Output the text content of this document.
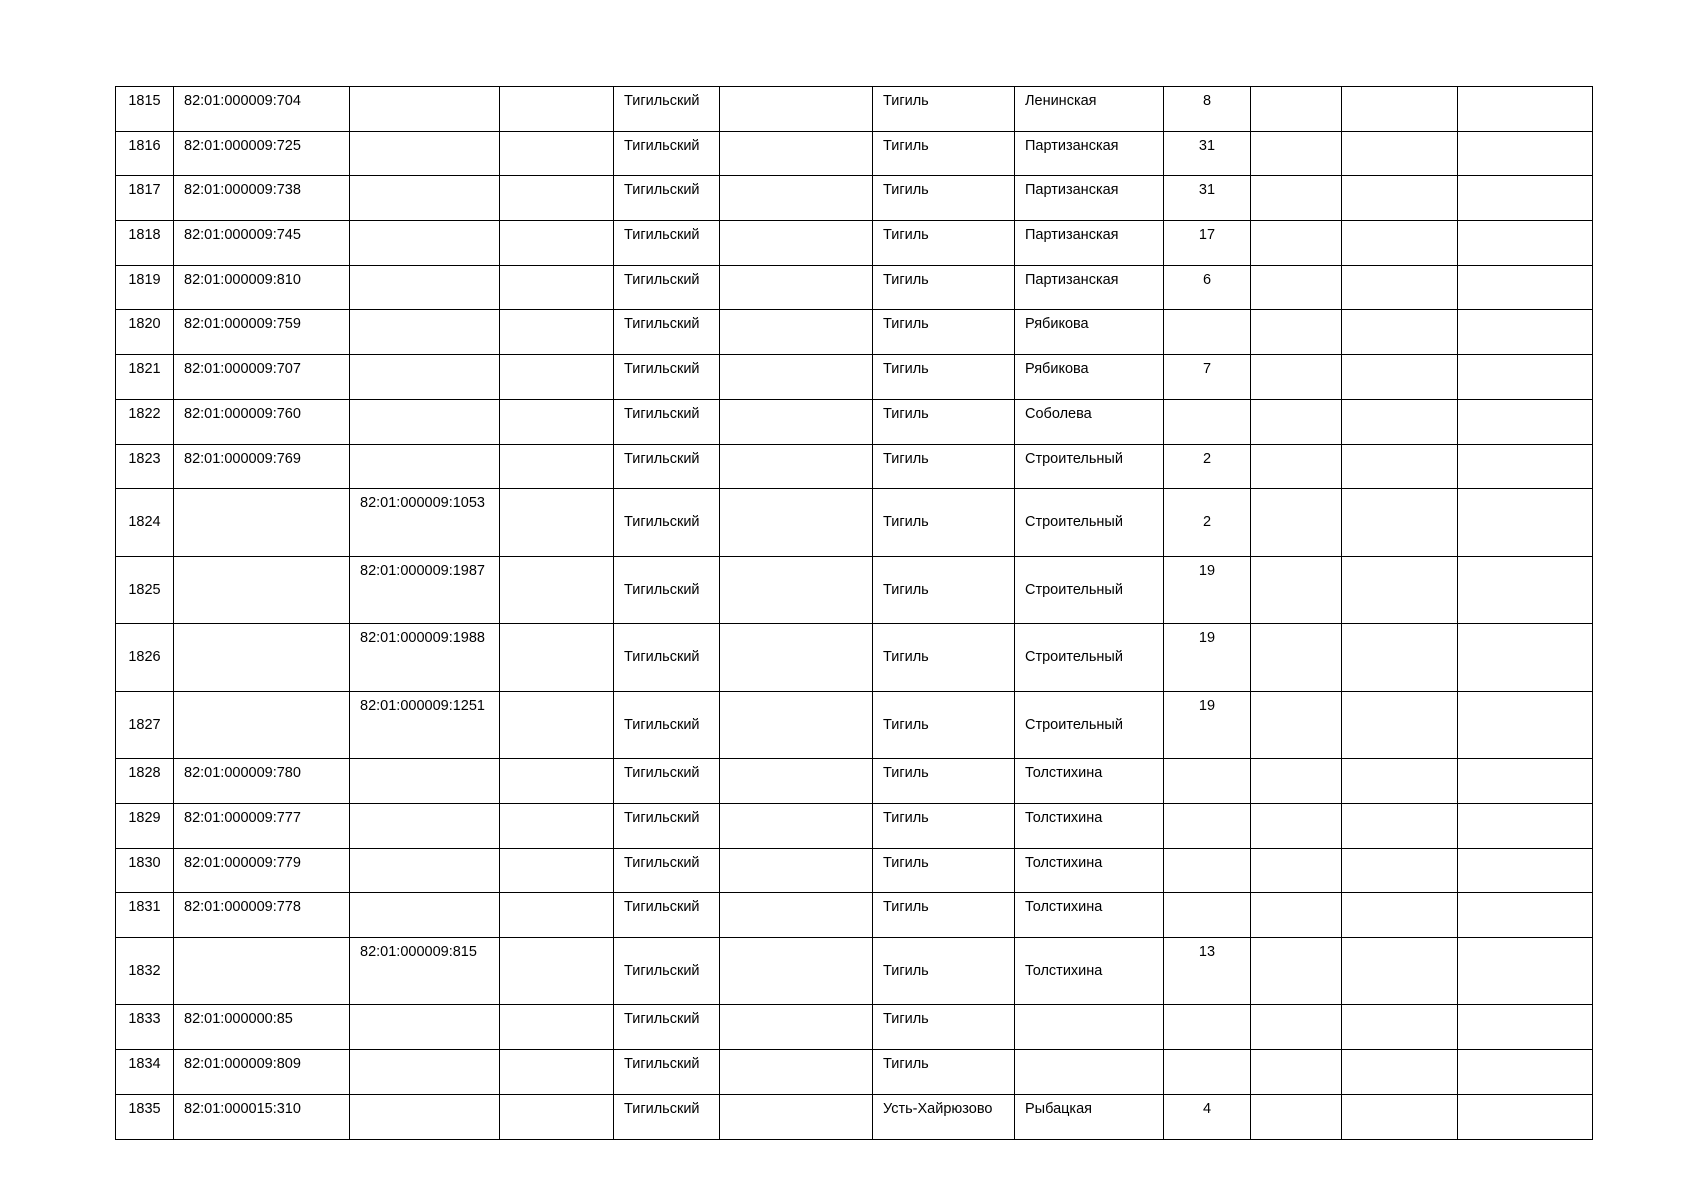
1815	82:01:000009:704			Тигильский		Тигиль	Ленинская	8			
1816	82:01:000009:725			Тигильский		Тигиль	Партизанская	31			
1817	82:01:000009:738			Тигильский		Тигиль	Партизанская	31			
1818	82:01:000009:745			Тигильский		Тигиль	Партизанская	17			
1819	82:01:000009:810			Тигильский		Тигиль	Партизанская	6			
1820	82:01:000009:759			Тигильский		Тигиль	Рябикова				
1821	82:01:000009:707			Тигильский		Тигиль	Рябикова	7			
1822	82:01:000009:760			Тигильский		Тигиль	Соболева				
1823	82:01:000009:769			Тигильский		Тигиль	Строительный	2			
1824		82:01:000009:1053		Тигильский		Тигиль	Строительный	2			
1825		82:01:000009:1987		Тигильский		Тигиль	Строительный	19			
1826		82:01:000009:1988		Тигильский		Тигиль	Строительный	19			
1827		82:01:000009:1251		Тигильский		Тигиль	Строительный	19			
1828	82:01:000009:780			Тигильский		Тигиль	Толстихина				
1829	82:01:000009:777			Тигильский		Тигиль	Толстихина				
1830	82:01:000009:779			Тигильский		Тигиль	Толстихина				
1831	82:01:000009:778			Тигильский		Тигиль	Толстихина				
1832		82:01:000009:815		Тигильский		Тигиль	Толстихина	13			
1833	82:01:000000:85			Тигильский		Тигиль					
1834	82:01:000009:809			Тигильский		Тигиль					
1835	82:01:000015:310			Тигильский		Усть-Хайрюзово	Рыбацкая	4			
